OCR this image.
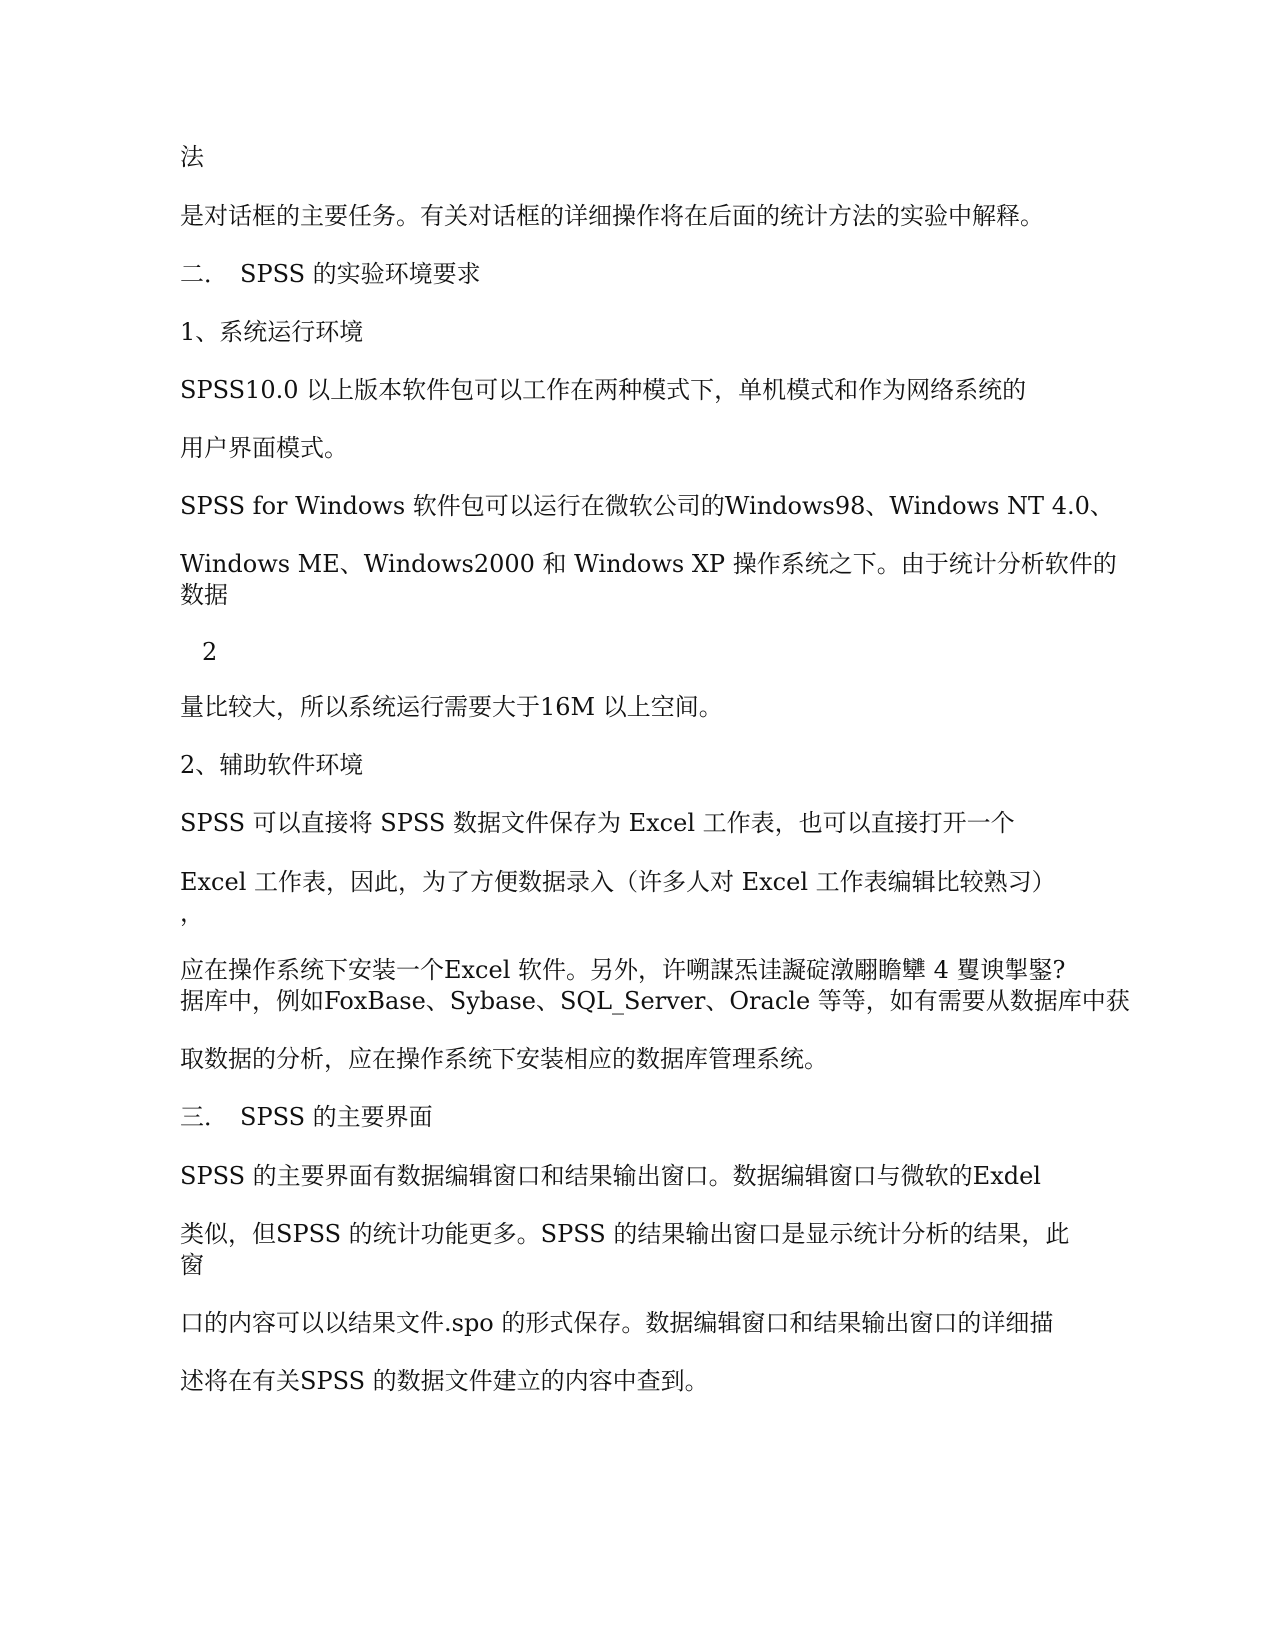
法
是对话框的主要任务。有关对话框的详细操作将在后面的统计方法的实验中解释。
二．　SPSS 的实验环境要求
1、系统运行环境
SPSS10.0 以上版本软件包可以工作在两种模式下，单机模式和作为网络系统的
用户界面模式。
SPSS for Windows 软件包可以运行在微软公司的Windows98、Windows NT 4.0、
Windows ME、Windows2000 和 Windows XP 操作系统之下。由于统计分析软件的
数据
2
量比较大，所以系统运行需要大于16M 以上空间。
2、辅助软件环境
SPSS 可以直接将 SPSS 数据文件保存为 Excel 工作表，也可以直接打开一个
Excel 工作表，因此，为了方便数据录入（许多人对 Excel 工作表编辑比较熟习）
，
应在操作系统下安装一个Excel 软件。另外，许嗍謀炁诖譺碇潡翢瞻犫 4 矍谀掣鋻?
据库中，例如FoxBase、Sybase、SQL_Server、Oracle 等等，如有需要从数据库中获
取数据的分析，应在操作系统下安装相应的数据库管理系统。
三．　SPSS 的主要界面
SPSS 的主要界面有数据编辑窗口和结果输出窗口。数据编辑窗口与微软的Exdel
类似，但SPSS 的统计功能更多。SPSS 的结果输出窗口是显示统计分析的结果，此
窗
口的内容可以以结果文件.spo 的形式保存。数据编辑窗口和结果输出窗口的详细描
述将在有关SPSS 的数据文件建立的内容中查到。
